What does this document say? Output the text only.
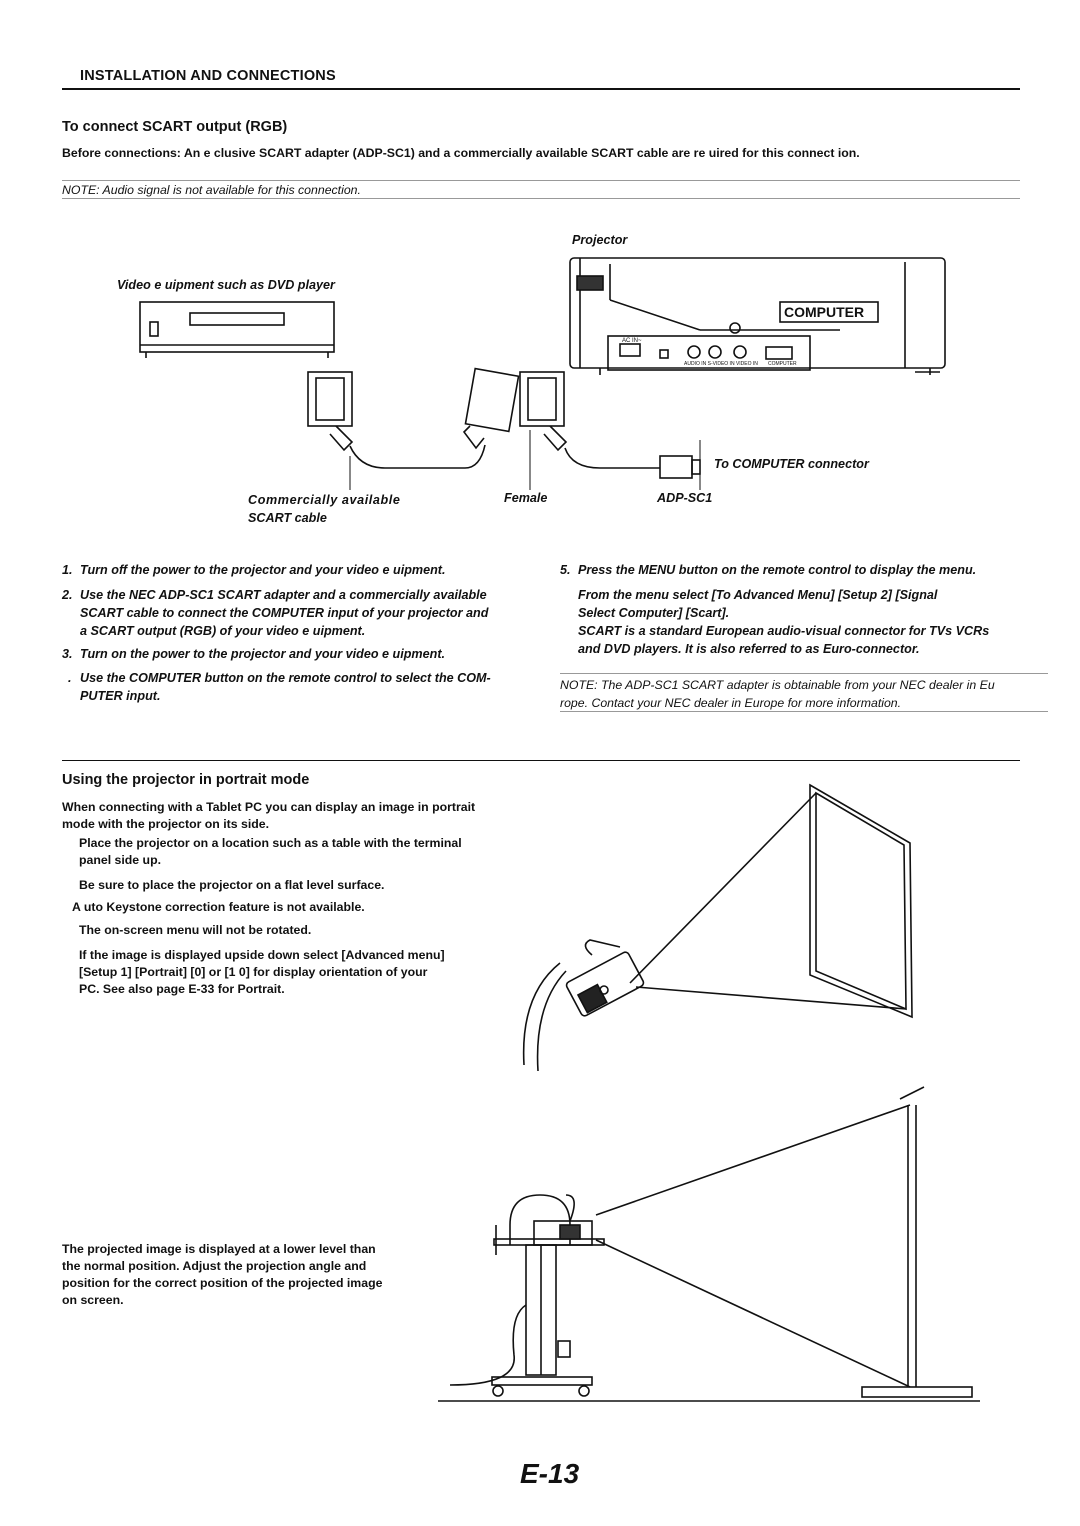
INSTALLATION AND CONNECTIONS
To connect SCART output (RGB)
Before connections: An e clusive SCART adapter (ADP-SC1) and a commercially available SCART cable are re uired for this connect ion.
NOTE: Audio signal is not available for this connection.
Projector
Video e uipment such as DVD player
COMPUTER
AC IN~
AUDIO IN S-VIDEO IN VIDEO IN COMPUTER
To COMPUTER connector
Commercially available
SCART cable
Female	ADP-SC1
1. Turn off the power to the projector and your video e uipment.
2. Use the NEC ADP-SC1 SCART adapter and a commercially available
SCART cable to connect the COMPUTER input of your projector and
a SCART output (RGB) of your video e uipment.
3. Turn on the power to the projector and your video e uipment.
. Use the COMPUTER button on the remote control to select the COM-
PUTER input.
5. Press the MENU button on the remote control to display the menu.
From the menu select [To Advanced Menu] [Setup 2] [Signal
Select Computer] [Scart].
SCART is a standard European audio-visual connector for TVs VCRs
and DVD players. It is also referred to as Euro-connector.
NOTE: The ADP-SC1 SCART adapter is obtainable from your NEC dealer in Eu
rope. Contact your NEC dealer in Europe for more information.
Using the projector in portrait mode
When connecting with a Tablet PC you can display an image in portrait
mode with the projector on its side.
Place the projector on a location such as a table with the terminal
panel side up.
Be sure to place the projector on a flat level surface.
A uto Keystone correction feature is not available.
The on-screen menu will not be rotated.
If the image is displayed upside down select [Advanced menu]
[Setup 1] [Portrait] [0] or [1 0] for display orientation of your
PC. See also page E-33 for Portrait.
The projected image is displayed at a lower level than
the normal position. Adjust the projection angle and
position for the correct position of the projected image
on screen.
E-13
